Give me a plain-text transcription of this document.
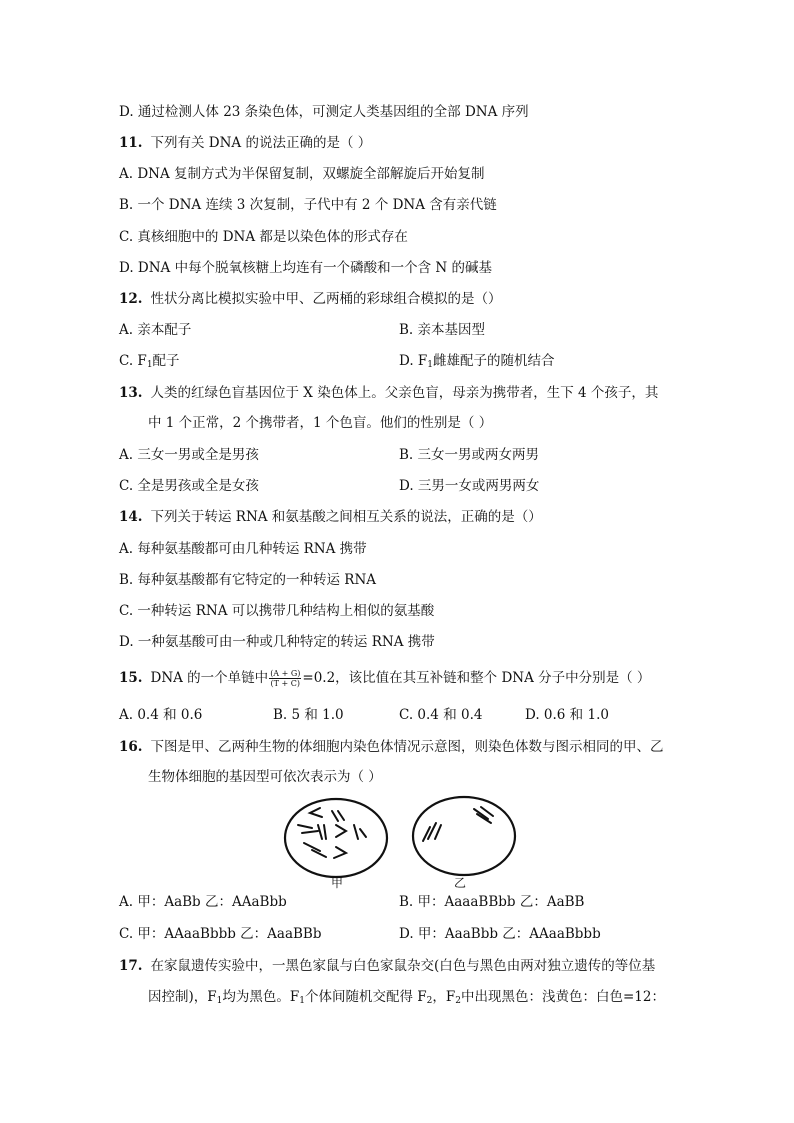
D. 通过检测人体 23 条染色体，可测定人类基因组的全部 DNA 序列
11. 下列有关 DNA 的说法正确的是（ ）
A. DNA 复制方式为半保留复制，双螺旋全部解旋后开始复制
B. 一个 DNA 连续 3 次复制，子代中有 2 个 DNA 含有亲代链
C. 真核细胞中的 DNA 都是以染色体的形式存在
D. DNA 中每个脱氧核糖上均连有一个磷酸和一个含 N 的碱基
12. 性状分离比模拟实验中甲、乙两桶的彩球组合模拟的是（）
A. 亲本配子	B. 亲本基因型
C. $F_1$配子	D. $F_1$雌雄配子的随机结合
13. 人类的红绿色盲基因位于 X 染色体上。父亲色盲，母亲为携带者，生下 4 个孩子，其
中 1 个正常，2 个携带者，1 个色盲。他们的性别是（ ）
A. 三女一男或全是男孩	B. 三女一男或两女两男
C. 全是男孩或全是女孩	D. 三男一女或两男两女
14. 下列关于转运 RNA 和氨基酸之间相互关系的说法，正确的是（）
A. 每种氨基酸都可由几种转运 RNA 携带
B. 每种氨基酸都有它特定的一种转运 RNA
C. 一种转运 RNA 可以携带几种结构上相似的氨基酸
D. 一种氨基酸可由一种或几种特定的转运 RNA 携带
15. DNA 的一个单链中 $\frac{(A + G)}{(T + C)} =0.2$，该比值在其互补链和整个 DNA 分子中分别是（ ）
A. 0.4 和 0.6	B. 5 和 1.0	C. 0.4 和 0.4	D. 0.6 和 1.0
16. 下图是甲、乙两种生物的体细胞内染色体情况示意图，则染色体数与图示相同的甲、乙
生物体细胞的基因型可依次表示为（ ）
甲	乙
A. 甲：AaBb 乙：AAaBbb	B. 甲：AaaaBBbb 乙：AaBB
C. 甲：AAaaBbbb 乙：AaaBBb	D. 甲：AaaBbb 乙：AAaaBbbb
17. 在家鼠遗传实验中，一黑色家鼠与白色家鼠杂交(白色与黑色由两对独立遗传的等位基
因控制)，$F_1$均为黑色。$F_1$个体间随机交配得 $F_2$，$F_2$中出现黑色：浅黄色：白色=12：
